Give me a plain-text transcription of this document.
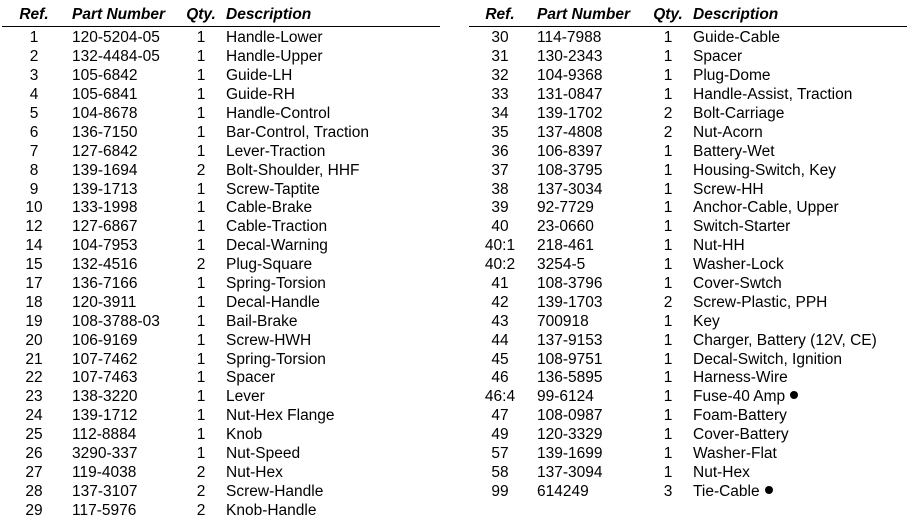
Ref.	Part Number	Qty.	Description
1	120-5204-05	1	Handle-Lower
2	132-4484-05	1	Handle-Upper
3	105-6842	1	Guide-LH
4	105-6841	1	Guide-RH
5	104-8678	1	Handle-Control
6	136-7150	1	Bar-Control, Traction
7	127-6842	1	Lever-Traction
8	139-1694	2	Bolt-Shoulder, HHF
9	139-1713	1	Screw-Taptite
10	133-1998	1	Cable-Brake
12	127-6867	1	Cable-Traction
14	104-7953	1	Decal-Warning
15	132-4516	2	Plug-Square
17	136-7166	1	Spring-Torsion
18	120-3911	1	Decal-Handle
19	108-3788-03	1	Bail-Brake
20	106-9169	1	Screw-HWH
21	107-7462	1	Spring-Torsion
22	107-7463	1	Spacer
23	138-3220	1	Lever
24	139-1712	1	Nut-Hex Flange
25	112-8884	1	Knob
26	3290-337	1	Nut-Speed
27	119-4038	2	Nut-Hex
28	137-3107	2	Screw-Handle
29	117-5976	2	Knob-Handle
Ref.	Part Number	Qty.	Description
30	114-7988	1	Guide-Cable
31	130-2343	1	Spacer
32	104-9368	1	Plug-Dome
33	131-0847	1	Handle-Assist, Traction
34	139-1702	2	Bolt-Carriage
35	137-4808	2	Nut-Acorn
36	106-8397	1	Battery-Wet
37	108-3795	1	Housing-Switch, Key
38	137-3034	1	Screw-HH
39	92-7729	1	Anchor-Cable, Upper
40	23-0660	1	Switch-Starter
40:1	218-461	1	Nut-HH
40:2	3254-5	1	Washer-Lock
41	108-3796	1	Cover-Swtch
42	139-1703	2	Screw-Plastic, PPH
43	700918	1	Key
44	137-9153	1	Charger, Battery (12V, CE)
45	108-9751	1	Decal-Switch, Ignition
46	136-5895	1	Harness-Wire
46:4	99-6124	1	Fuse-40 Amp
47	108-0987	1	Foam-Battery
49	120-3329	1	Cover-Battery
57	139-1699	1	Washer-Flat
58	137-3094	1	Nut-Hex
99	614249	3	Tie-Cable
